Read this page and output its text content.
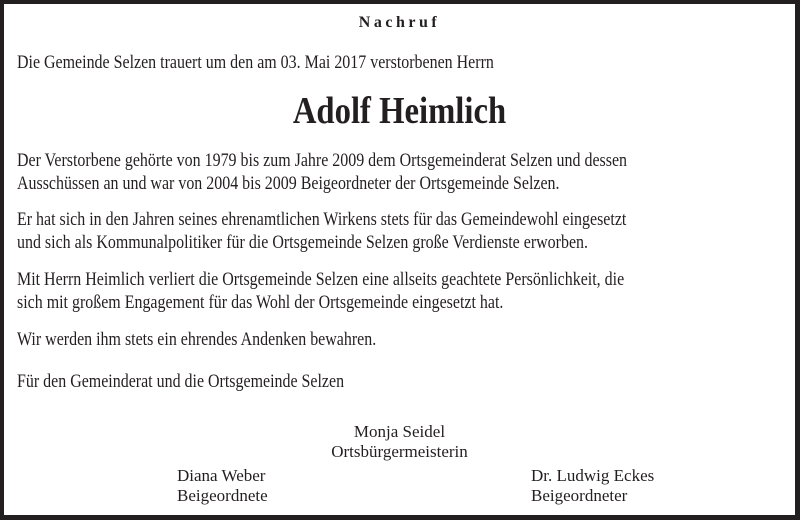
Nachruf
Die Gemeinde Selzen trauert um den am 03. Mai 2017 verstorbenen Herrn
Adolf Heimlich
Der Verstorbene gehörte von 1979 bis zum Jahre 2009 dem Ortsgemeinderat Selzen und dessen
Ausschüssen an und war von 2004 bis 2009 Beigeordneter der Ortsgemeinde Selzen.
Er hat sich in den Jahren seines ehrenamtlichen Wirkens stets für das Gemeindewohl eingesetzt
und sich als Kommunalpolitiker für die Ortsgemeinde Selzen große Verdienste erworben.
Mit Herrn Heimlich verliert die Ortsgemeinde Selzen eine allseits geachtete Persönlichkeit, die
sich mit großem Engagement für das Wohl der Ortsgemeinde eingesetzt hat.
Wir werden ihm stets ein ehrendes Andenken bewahren.
Für den Gemeinderat und die Ortsgemeinde Selzen
Monja Seidel
Ortsbürgermeisterin
Diana Weber
Beigeordnete
Dr. Ludwig Eckes
Beigeordneter
